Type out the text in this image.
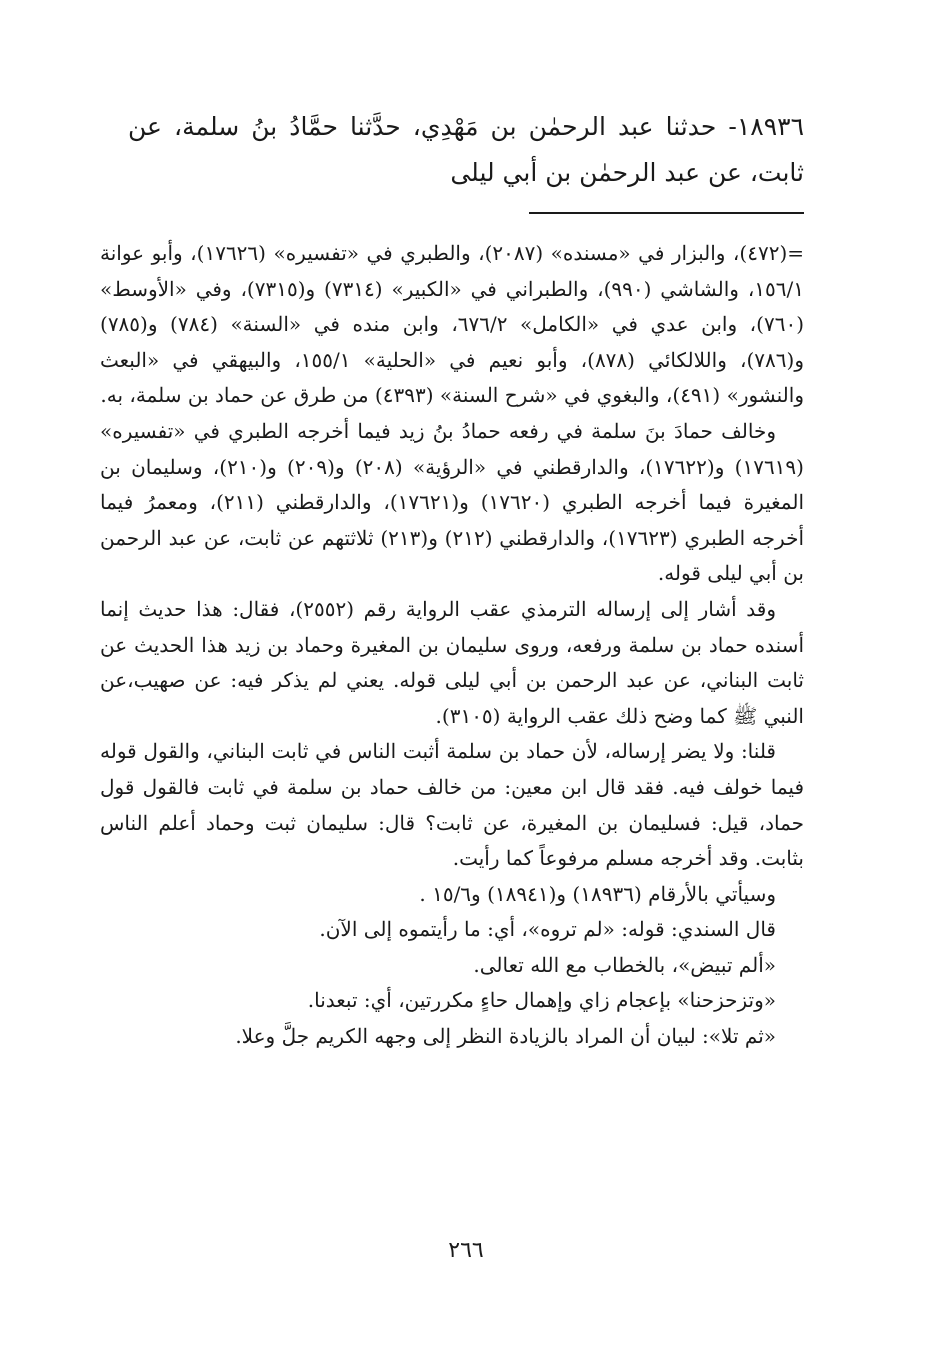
١٨٩٣٦- حدثنا عبد الرحمٰن بن مَهْدِي، حدَّثنا حمَّادُ بنُ سلمة، عن ثابت، عن عبد الرحمٰن بن أبي ليلى

=(٤٧٢)، والبزار في «مسنده» (٢٠٨٧)، والطبري في «تفسيره» (١٧٦٢٦)، وأبو عوانة ١٥٦/١، والشاشي (٩٩٠)، والطبراني في «الكبير» (٧٣١٤) و(٧٣١٥)، وفي «الأوسط» (٧٦٠)، وابن عدي في «الكامل» ٦٧٦/٢، وابن منده في «السنة» (٧٨٤) و(٧٨٥) و(٧٨٦)، واللالكائي (٨٧٨)، وأبو نعيم في «الحلية» ١٥٥/١، والبيهقي في «البعث والنشور» (٤٩١)، والبغوي في «شرح السنة» (٤٣٩٣) من طرق عن حماد بن سلمة، به.

وخالف حمادَ بنَ سلمة في رفعه حمادُ بنُ زيد فيما أخرجه الطبري في «تفسيره» (١٧٦١٩) و(١٧٦٢٢)، والدارقطني في «الرؤية» (٢٠٨) و(٢٠٩) و(٢١٠)، وسليمان بن المغيرة فيما أخرجه الطبري (١٧٦٢٠) و(١٧٦٢١)، والدارقطني (٢١١)، ومعمرُ فيما أخرجه الطبري (١٧٦٢٣)، والدارقطني (٢١٢) و(٢١٣) ثلاثتهم عن ثابت، عن عبد الرحمن بن أبي ليلى قوله.

وقد أشار إلى إرساله الترمذي عقب الرواية رقم (٢٥٥٢)، فقال: هذا حديث إنما أسنده حماد بن سلمة ورفعه، وروى سليمان بن المغيرة وحماد بن زيد هذا الحديث عن ثابت البناني، عن عبد الرحمن بن أبي ليلى قوله. يعني لم يذكر فيه: عن صهيب،عن النبي ﷺ كما وضح ذلك عقب الرواية (٣١٠٥).

قلنا: ولا يضر إرساله، لأن حماد بن سلمة أثبت الناس في ثابت البناني، والقول قوله فيما خولف فيه. فقد قال ابن معين: من خالف حماد بن سلمة في ثابت فالقول قول حماد، قيل: فسليمان بن المغيرة، عن ثابت؟ قال: سليمان ثبت وحماد أعلم الناس بثابت. وقد أخرجه مسلم مرفوعاً كما رأيت.

وسيأتي بالأرقام (١٨٩٣٦) و(١٨٩٤١) و١٥/٦ .

قال السندي: قوله: «لم تروه»، أي: ما رأيتموه إلى الآن.

«ألم تبيض»، بالخطاب مع الله تعالى.

«وتزحزحنا» بإعجام زاي وإهمال حاءٍ مكررتين، أي: تبعدنا.

«ثم تلا»: لبيان أن المراد بالزيادة النظر إلى وجهه الكريم جلَّ وعلا.

٢٦٦
